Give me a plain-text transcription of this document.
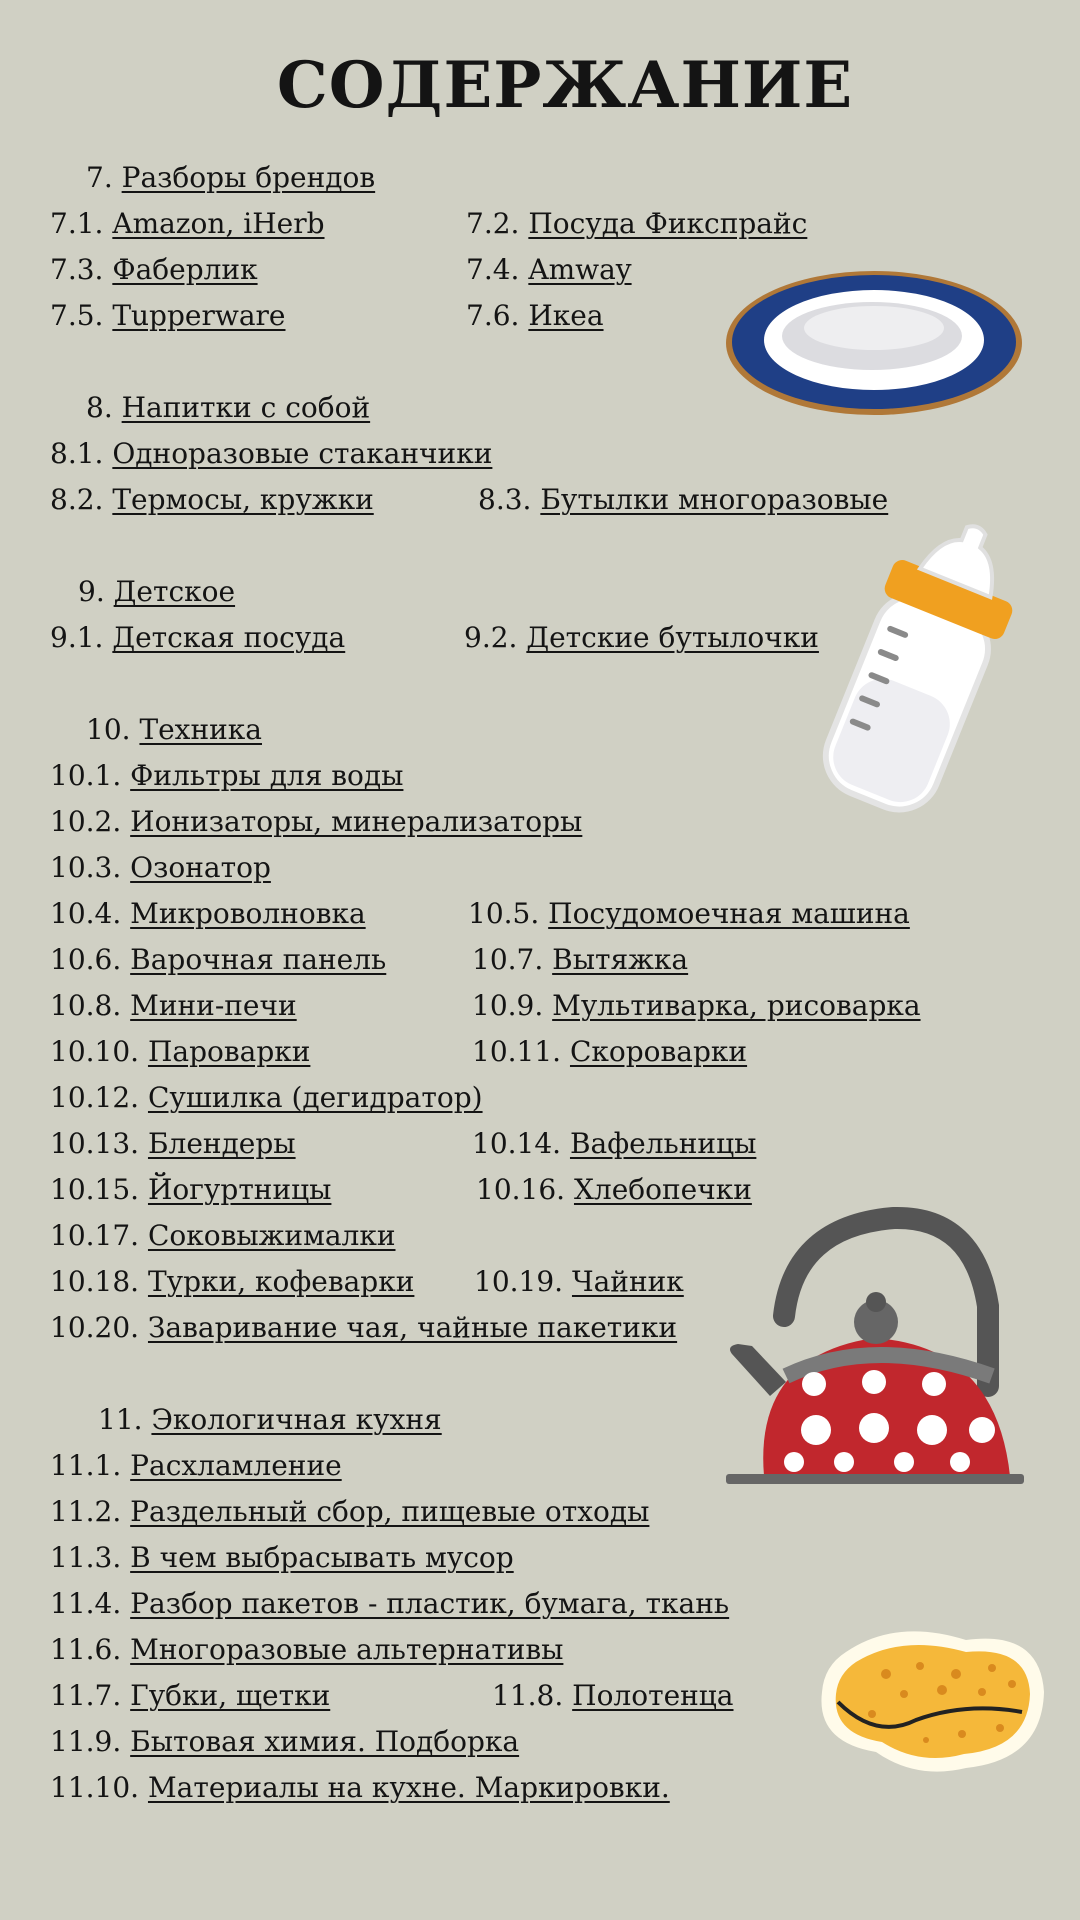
СОДЕРЖАНИЕ
7. Разборы брендов
7.1. Amazon, iHerb	7.2. Посуда Фикспрайс
7.3. Фаберлик	7.4. Amway
7.5. Tupperware	7.6. Икеа
8. Напитки с собой
8.1. Одноразовые стаканчики
8.2. Термосы, кружки	8.3. Бутылки многоразовые
9. Детское
9.1. Детская посуда	9.2. Детские бутылочки
10. Техника
10.1. Фильтры для воды
10.2. Ионизаторы, минерализаторы
10.3. Озонатор
10.4. Микроволновка	10.5. Посудомоечная машина
10.6. Варочная панель	10.7. Вытяжка
10.8. Мини-печи	10.9. Мультиварка, рисоварка
10.10. Пароварки	10.11. Скороварки
10.12. Сушилка (дегидратор)
10.13. Блендеры	10.14. Вафельницы
10.15. Йогуртницы	10.16. Хлебопечки
10.17. Соковыжималки
10.18. Турки, кофеварки 10.19. Чайник
10.20. Заваривание чая, чайные пакетики
11. Экологичная кухня
11.1. Расхламление
11.2. Раздельный сбор, пищевые отходы
11.3. В чем выбрасывать мусор
11.4. Разбор пакетов - пластик, бумага, ткань
11.6. Многоразовые альтернативы
11.7. Губки, щетки	11.8. Полотенца
11.9. Бытовая химия. Подборка
11.10. Материалы на кухне. Маркировки.
